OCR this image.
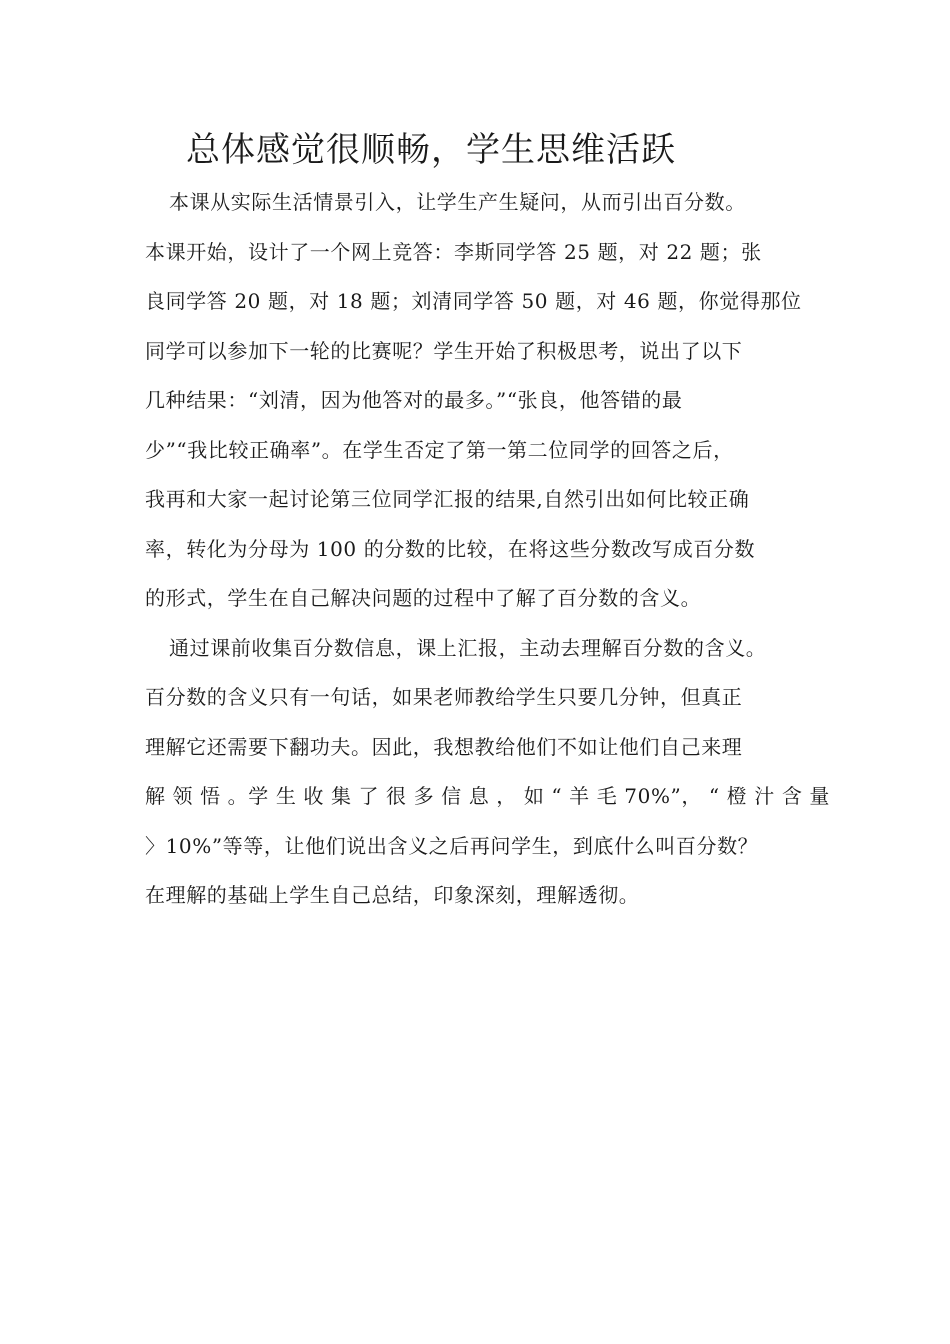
总体感觉很顺畅，学生思维活跃
本课从实际生活情景引入，让学生产生疑问，从而引出百分数。
本课开始，设计了一个网上竞答：李斯同学答 25 题，对 22 题；张
良同学答 20 题，对 18 题；刘清同学答 50 题，对 46 题，你觉得那位
同学可以参加下一轮的比赛呢？学生开始了积极思考，说出了以下
几种结果：“刘清，因为他答对的最多。”“张良，他答错的最
少”“我比较正确率”。在学生否定了第一第二位同学的回答之后，
我再和大家一起讨论第三位同学汇报的结果,自然引出如何比较正确
率，转化为分母为 100 的分数的比较，在将这些分数改写成百分数
的形式，学生在自己解决问题的过程中了解了百分数的含义。
通过课前收集百分数信息，课上汇报，主动去理解百分数的含义。
百分数的含义只有一句话，如果老师教给学生只要几分钟，但真正
理解它还需要下翻功夫。因此，我想教给他们不如让他们自己来理
解 领 悟 。学 生 收 集 了 很 多 信 息 ， 如 “ 羊 毛 70%”， “ 橙 汁 含 量
〉10%”等等，让他们说出含义之后再问学生，到底什么叫百分数？
在理解的基础上学生自己总结，印象深刻，理解透彻。
